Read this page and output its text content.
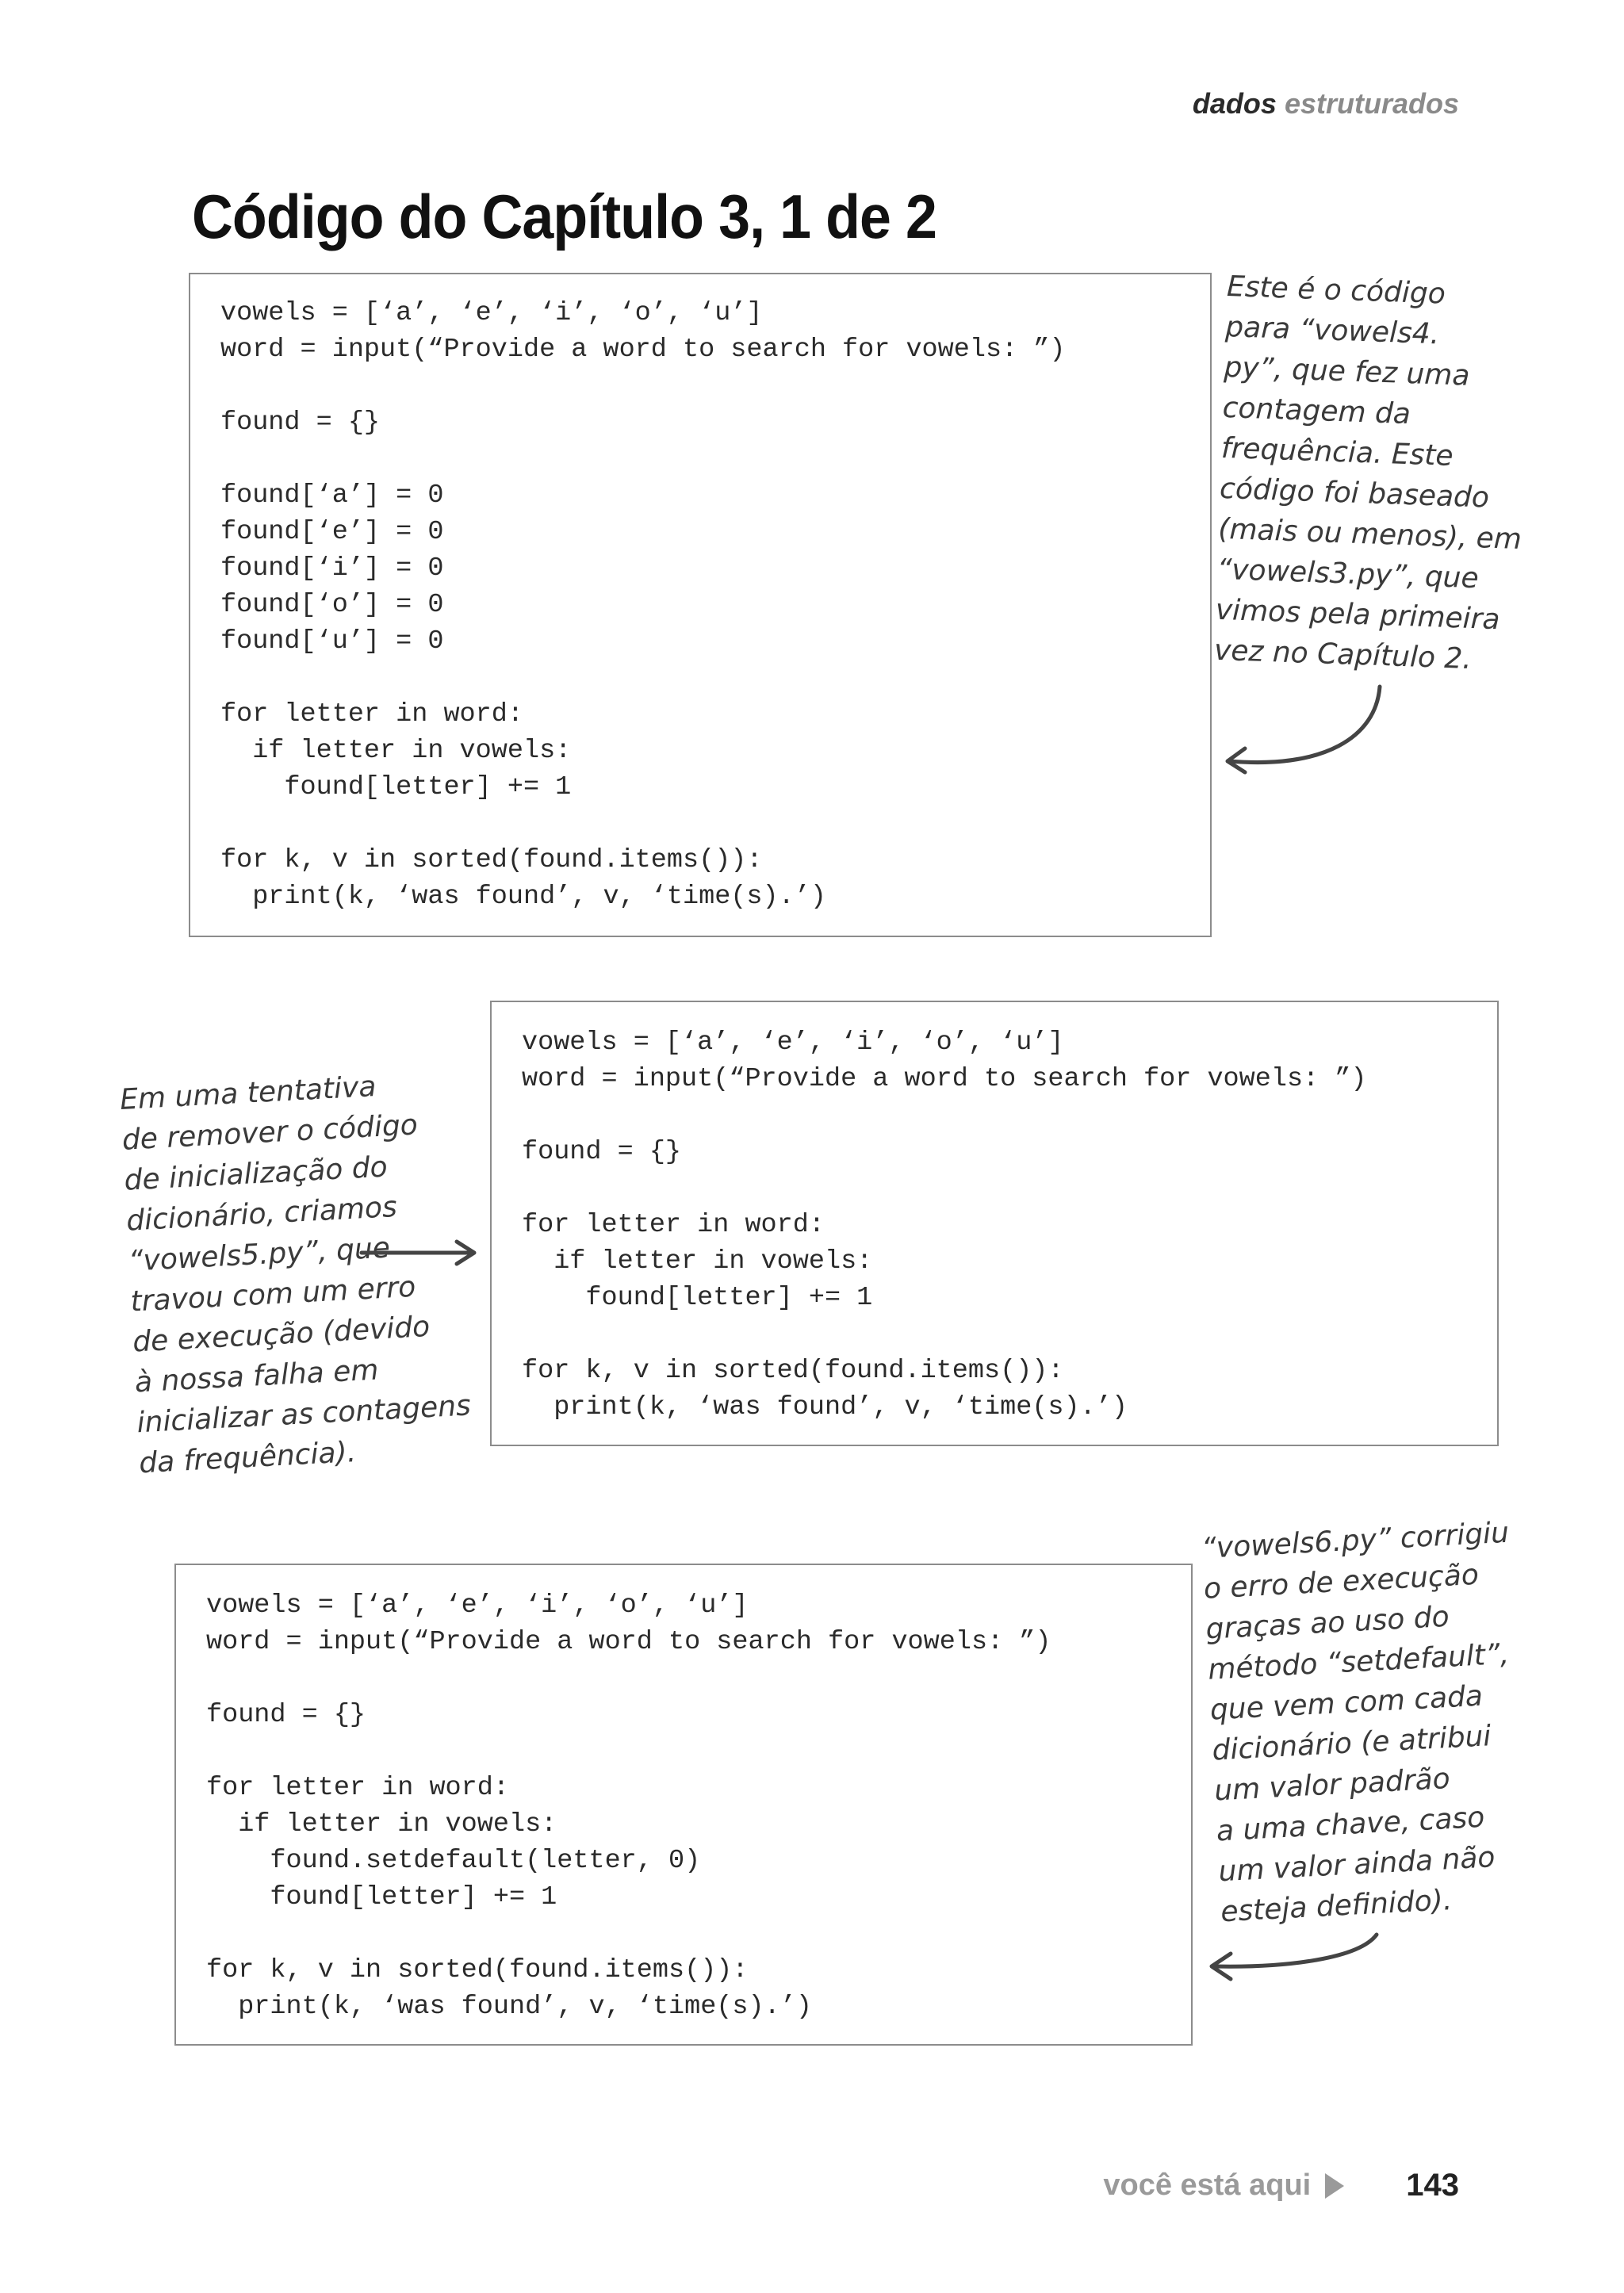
dados estruturados
Código do Capítulo 3, 1 de 2
vowels = [‘a’, ‘e’, ‘i’, ‘o’, ‘u’]
word = input(“Provide a word to search for vowels: ”)

found = {}

found[‘a’] = 0
found[‘e’] = 0
found[‘i’] = 0
found[‘o’] = 0
found[‘u’] = 0

for letter in word:
if letter in vowels:
found[letter] += 1

for k, v in sorted(found.items()):
print(k, ‘was found’, v, ‘time(s).’)
vowels = [‘a’, ‘e’, ‘i’, ‘o’, ‘u’]
word = input(“Provide a word to search for vowels: ”)

found = {}

for letter in word:
if letter in vowels:
found[letter] += 1

for k, v in sorted(found.items()):
print(k, ‘was found’, v, ‘time(s).’)
vowels = [‘a’, ‘e’, ‘i’, ‘o’, ‘u’]
word = input(“Provide a word to search for vowels: ”)

found = {}

for letter in word:
if letter in vowels:
found.setdefault(letter, 0)
found[letter] += 1

for k, v in sorted(found.items()):
print(k, ‘was found’, v, ‘time(s).’)
Este é o código
para “vowels4.
py”, que fez uma
contagem da
frequência. Este
código foi baseado
(mais ou menos), em
“vowels3.py”, que
vimos pela primeira
vez no Capítulo 2.
Em uma tentativa
de remover o código
de inicialização do
dicionário, criamos
“vowels5.py”, que
travou com um erro
de execução (devido
à nossa falha em
inicializar as contagens
da frequência).
“vowels6.py” corrigiu
o erro de execução
graças ao uso do
método “setdefault”,
que vem com cada
dicionário (e atribui
um valor padrão
a uma chave, caso
um valor ainda não
esteja definido).
você está aqui	143
